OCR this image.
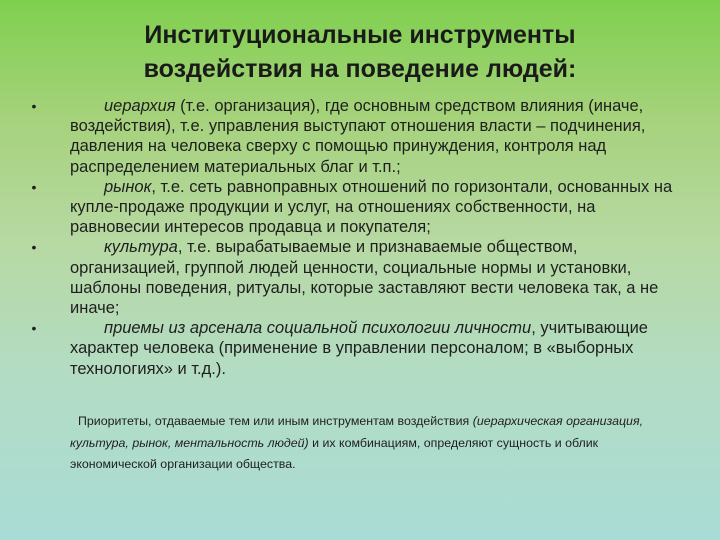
Институциональные инструменты
воздействия на поведение людей:
•	иерархия (т.е. организация), где основным средством влияния (иначе, воздействия), т.е. управления выступают отношения власти – подчинения, давления на человека сверху с помощью принуждения, контроля над распределением материальных благ и т.п.;
•	рынок, т.е. сеть равноправных отношений по горизонтали, основанных на купле-продаже продукции и услуг, на отношениях собственности, на равновесии интересов продавца и покупателя;
•	культура, т.е. вырабатываемые и признаваемые обществом, организацией, группой людей ценности, социальные нормы и установки, шаблоны поведения, ритуалы, которые заставляют вести человека так, а не иначе;
•	приемы из арсенала социальной психологии личности, учитывающие характер человека (применение в управлении персоналом; в «выборных технологиях» и т.д.).
Приоритеты, отдаваемые тем или иным инструментам воздействия (иерархическая организация, культура, рынок, ментальность людей) и их комбинациям, определяют сущность и облик экономической организации общества.
